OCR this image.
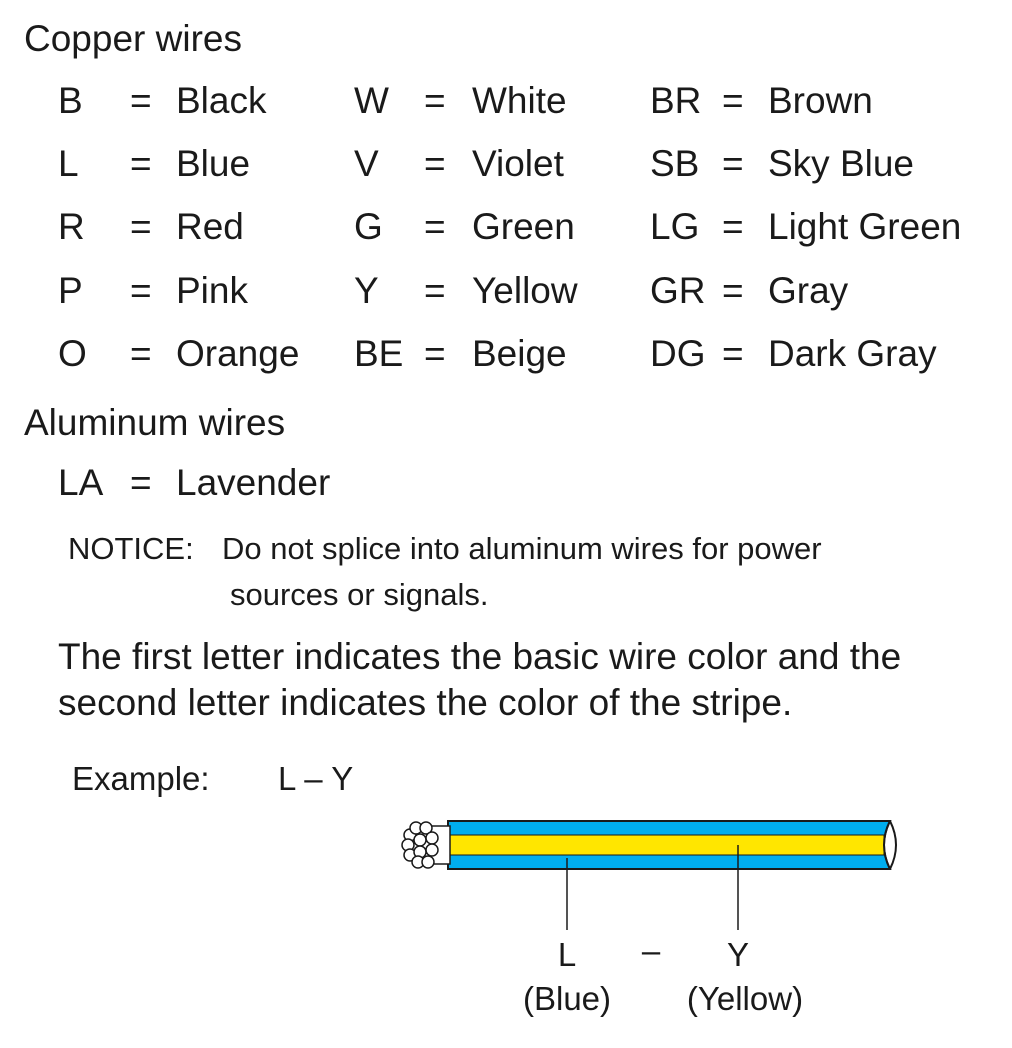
Copper wires
B = Black W = White BR = Brown
L = Blue	V = Violet SB = Sky Blue
R = Red	G = Green LG = Light Green
P = Pink	Y = Yellow GR = Gray
O = Orange BE = Beige DG = Dark Gray
Aluminum wires
LA = Lavender
NOTICE: Do not splice into aluminum wires for power
sources or signals.
The first letter indicates the basic wire color and the
second letter indicates the color of the stripe.
Example: L – Y
L	– Y
(Blue)	(Yellow)
